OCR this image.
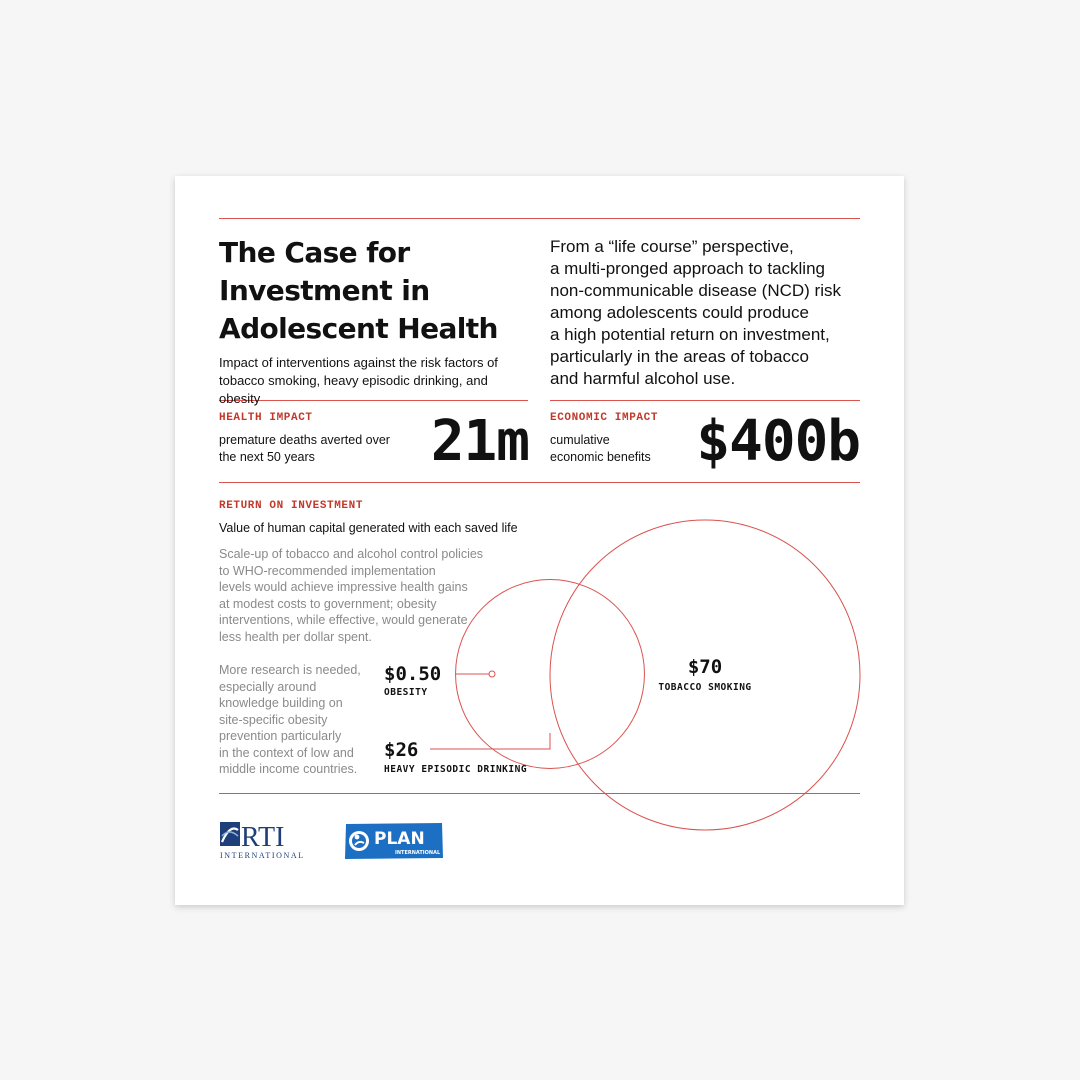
The Case for
Investment in
Adolescent Health
Impact of interventions against the risk factors of
tobacco smoking, heavy episodic drinking, and obesity
From a “life course” perspective,
a multi-pronged approach to tackling
non-communicable disease (NCD) risk
among adolescents could produce
a high potential return on investment,
particularly in the areas of tobacco
and harmful alcohol use.
HEALTH IMPACT
premature deaths averted over
the next 50 years	21m ECONOMIC IMPACT
cumulative
economic benefits $400b
RETURN ON INVESTMENT
Value of human capital generated with each saved life
Scale-up of tobacco and alcohol control policies
to WHO-recommended implementation
levels would achieve impressive health gains
at modest costs to government; obesity
interventions, while effective, would generate
less health per dollar spent.
More research is needed,
especially around
knowledge building on
site-specific obesity
prevention particularly
in the context of low and
middle income countries.
$0.50
OBESITY
$26
HEAVY EPISODIC DRINKING
$70
TOBACCO SMOKING
RTI
INTERNATIONAL
PLAN
INTERNATIONAL
